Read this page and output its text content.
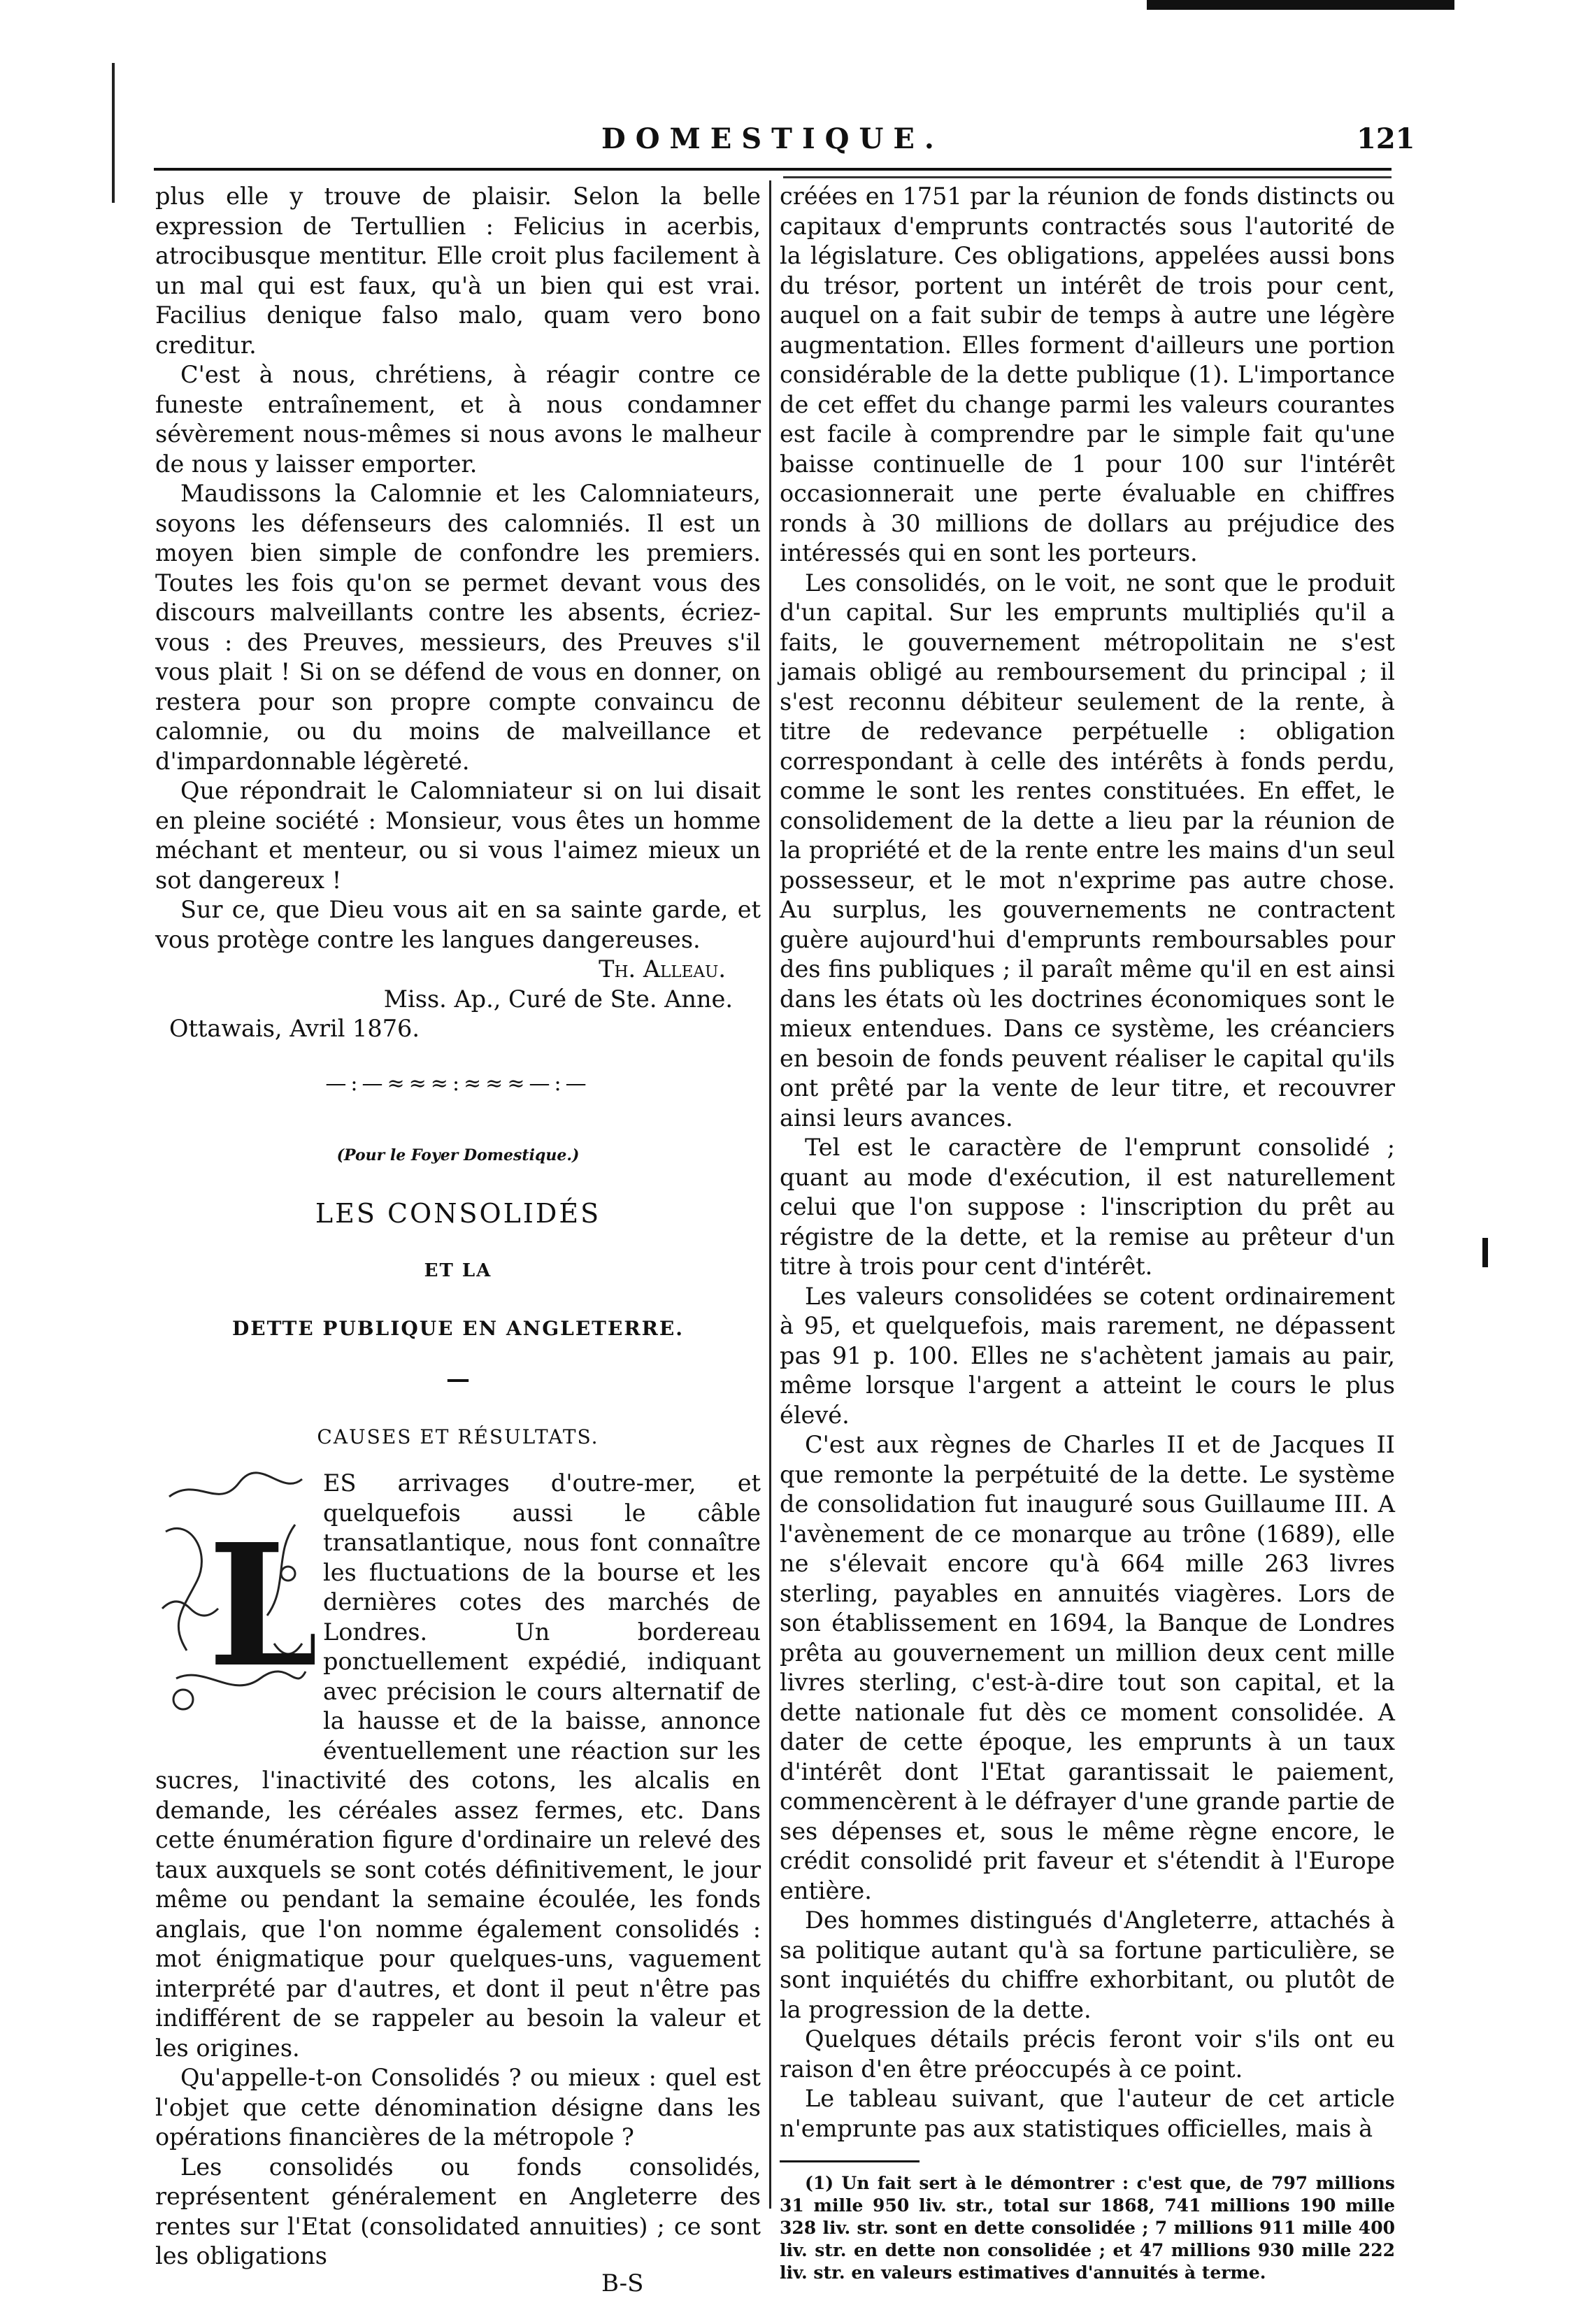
DOMESTIQUE.	121

plus elle y trouve de plaisir. Selon la belle expression de Tertullien : Felicius in acerbis, atrocibusque mentitur. Elle croit plus facilement à un mal qui est faux, qu'à un bien qui est vrai. Facilius denique falso malo, quam vero bono creditur.

C'est à nous, chrétiens, à réagir contre ce funeste entraînement, et à nous condamner sévèrement nous-mêmes si nous avons le malheur de nous y laisser emporter.

Maudissons la Calomnie et les Calomniateurs, soyons les défenseurs des calomniés. Il est un moyen bien simple de confondre les premiers. Toutes les fois qu'on se permet devant vous des discours malveillants contre les absents, écriez-vous : des Preuves, messieurs, des Preuves s'il vous plait ! Si on se défend de vous en donner, on restera pour son propre compte convaincu de calomnie, ou du moins de malveillance et d'impardonnable légèreté.

Que répondrait le Calomniateur si on lui disait en pleine société : Monsieur, vous êtes un homme méchant et menteur, ou si vous l'aimez mieux un sot dangereux !

Sur ce, que Dieu vous ait en sa sainte garde, et vous protège contre les langues dangereuses.

Th. Alleau.

Miss. Ap., Curé de Ste. Anne.

Ottawais, Avril 1876.

—:—≈≈≈:≈≈≈—:—
(Pour le Foyer Domestique.)
LES CONSOLIDÉS
ET LA
DETTE PUBLIQUE EN ANGLETERRE.
—
CAUSES ET RÉSULTATS.
L

ES arrivages d'outre-mer, et quelquefois aussi le câble transatlantique, nous font connaître les fluctuations de la bourse et les dernières cotes des marchés de Londres. Un bordereau ponctuellement expédié, indiquant avec précision le cours alternatif de la hausse et de la baisse, annonce éventuellement une réaction sur les sucres, l'inactivité des cotons, les alcalis en demande, les céréales assez fermes, etc. Dans cette énumération figure d'ordinaire un relevé des taux auxquels se sont cotés définitivement, le jour même ou pendant la semaine écoulée, les fonds anglais, que l'on nomme également consolidés : mot énigmatique pour quelques-uns, vaguement interprété par d'autres, et dont il peut n'être pas indifférent de se rappeler au besoin la valeur et les origines.

Qu'appelle-t-on Consolidés ? ou mieux : quel est l'objet que cette dénomination désigne dans les opérations financières de la métropole ?

Les consolidés ou fonds consolidés, représentent généralement en Angleterre des rentes sur l'Etat (consolidated annuities) ; ce sont les obligations

B-S

créées en 1751 par la réunion de fonds distincts ou capitaux d'emprunts contractés sous l'autorité de la législature. Ces obligations, appelées aussi bons du trésor, portent un intérêt de trois pour cent, auquel on a fait subir de temps à autre une légère augmentation. Elles forment d'ailleurs une portion considérable de la dette publique (1). L'importance de cet effet du change parmi les valeurs courantes est facile à comprendre par le simple fait qu'une baisse continuelle de 1 pour 100 sur l'intérêt occasionnerait une perte évaluable en chiffres ronds à 30 millions de dollars au préjudice des intéressés qui en sont les porteurs.

Les consolidés, on le voit, ne sont que le produit d'un capital. Sur les emprunts multipliés qu'il a faits, le gouvernement métropolitain ne s'est jamais obligé au remboursement du principal ; il s'est reconnu débiteur seulement de la rente, à titre de redevance perpétuelle : obligation correspondant à celle des intérêts à fonds perdu, comme le sont les rentes constituées. En effet, le consolidement de la dette a lieu par la réunion de la propriété et de la rente entre les mains d'un seul possesseur, et le mot n'exprime pas autre chose. Au surplus, les gouvernements ne contractent guère aujourd'hui d'emprunts remboursables pour des fins publiques ; il paraît même qu'il en est ainsi dans les états où les doctrines économiques sont le mieux entendues. Dans ce système, les créanciers en besoin de fonds peuvent réaliser le capital qu'ils ont prêté par la vente de leur titre, et recouvrer ainsi leurs avances.

Tel est le caractère de l'emprunt consolidé ; quant au mode d'exécution, il est naturellement celui que l'on suppose : l'inscription du prêt au régistre de la dette, et la remise au prêteur d'un titre à trois pour cent d'intérêt.

Les valeurs consolidées se cotent ordinairement à 95, et quelquefois, mais rarement, ne dépassent pas 91 p. 100. Elles ne s'achètent jamais au pair, même lorsque l'argent a atteint le cours le plus élevé.

C'est aux règnes de Charles II et de Jacques II que remonte la perpétuité de la dette. Le système de consolidation fut inauguré sous Guillaume III. A l'avènement de ce monarque au trône (1689), elle ne s'élevait encore qu'à 664 mille 263 livres sterling, payables en annuités viagères. Lors de son établissement en 1694, la Banque de Londres prêta au gouvernement un million deux cent mille livres sterling, c'est-à-dire tout son capital, et la dette nationale fut dès ce moment consolidée. A dater de cette époque, les emprunts à un taux d'intérêt dont l'Etat garantissait le paiement, commencèrent à le défrayer d'une grande partie de ses dépenses et, sous le même règne encore, le crédit consolidé prit faveur et s'étendit à l'Europe entière.

Des hommes distingués d'Angleterre, attachés à sa politique autant qu'à sa fortune particulière, se sont inquiétés du chiffre exhorbitant, ou plutôt de la progression de la dette.

Quelques détails précis feront voir s'ils ont eu raison d'en être préoccupés à ce point.

Le tableau suivant, que l'auteur de cet article n'emprunte pas aux statistiques officielles, mais à

(1) Un fait sert à le démontrer : c'est que, de 797 millions 31 mille 950 liv. str., total sur 1868, 741 millions 190 mille 328 liv. str. sont en dette consolidée ; 7 millions 911 mille 400 liv. str. en dette non consolidée ; et 47 millions 930 mille 222 liv. str. en valeurs estimatives d'annuités à terme.
